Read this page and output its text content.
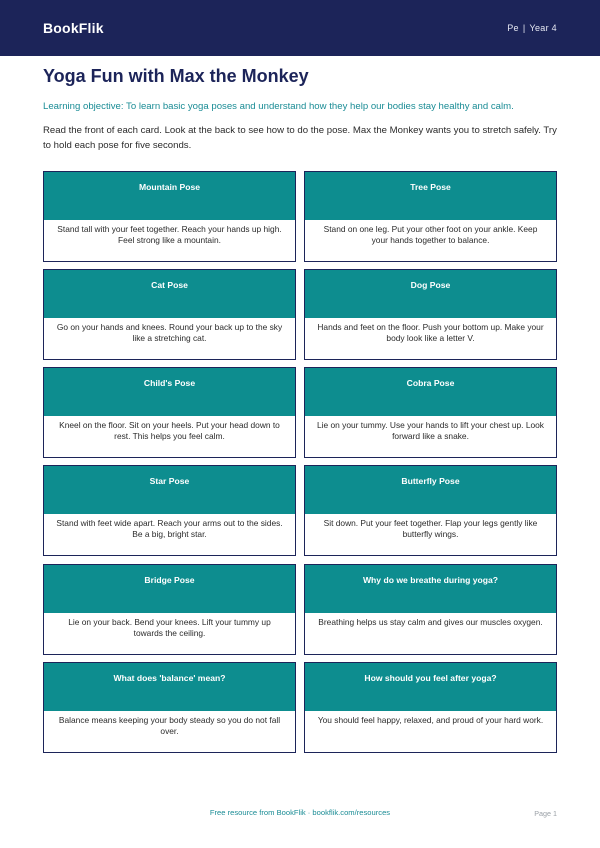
BookFlik	Pe | Year 4
Yoga Fun with Max the Monkey
Learning objective: To learn basic yoga poses and understand how they help our bodies stay healthy and calm.
Read the front of each card. Look at the back to see how to do the pose. Max the Monkey wants you to stretch safely. Try to hold each pose for five seconds.
Mountain Pose
Stand tall with your feet together. Reach your hands up high. Feel strong like a mountain.
Tree Pose
Stand on one leg. Put your other foot on your ankle. Keep your hands together to balance.
Cat Pose
Go on your hands and knees. Round your back up to the sky like a stretching cat.
Dog Pose
Hands and feet on the floor. Push your bottom up. Make your body look like a letter V.
Child's Pose
Kneel on the floor. Sit on your heels. Put your head down to rest. This helps you feel calm.
Cobra Pose
Lie on your tummy. Use your hands to lift your chest up. Look forward like a snake.
Star Pose
Stand with feet wide apart. Reach your arms out to the sides. Be a big, bright star.
Butterfly Pose
Sit down. Put your feet together. Flap your legs gently like butterfly wings.
Bridge Pose
Lie on your back. Bend your knees. Lift your tummy up towards the ceiling.
Why do we breathe during yoga?
Breathing helps us stay calm and gives our muscles oxygen.
What does 'balance' mean?
Balance means keeping your body steady so you do not fall over.
How should you feel after yoga?
You should feel happy, relaxed, and proud of your hard work.
Free resource from BookFlik · bookflik.com/resources	Page 1
